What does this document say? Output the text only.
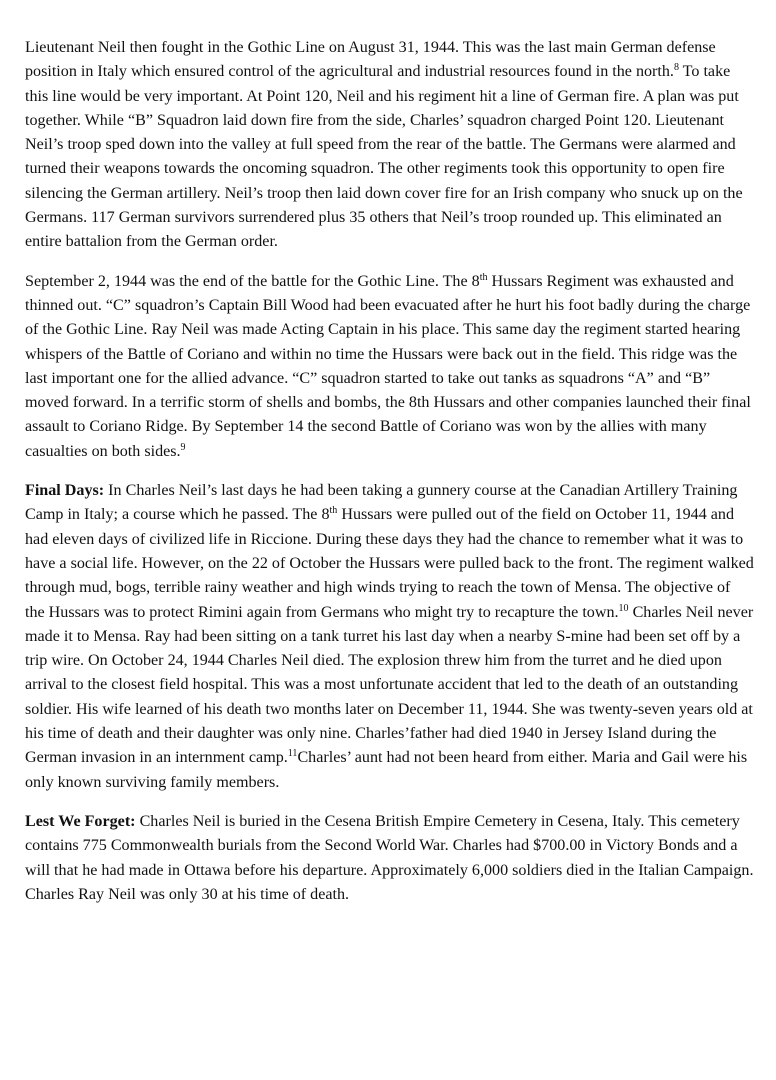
Lieutenant Neil then fought in the Gothic Line on August 31, 1944. This was the last main German defense position in Italy which ensured control of the agricultural and industrial resources found in the north.$^8$ To take this line would be very important. At Point 120, Neil and his regiment hit a line of German fire. A plan was put together. While “B” Squadron laid down fire from the side, Charles’ squadron charged Point 120. Lieutenant Neil’s troop sped down into the valley at full speed from the rear of the battle. The Germans were alarmed and turned their weapons towards the oncoming squadron. The other regiments took this opportunity to open fire silencing the German artillery. Neil’s troop then laid down cover fire for an Irish company who snuck up on the Germans. 117 German survivors surrendered plus 35 others that Neil’s troop rounded up. This eliminated an entire battalion from the German order.
September 2, 1944 was the end of the battle for the Gothic Line. The 8th Hussars Regiment was exhausted and thinned out. “C” squadron’s Captain Bill Wood had been evacuated after he hurt his foot badly during the charge of the Gothic Line. Ray Neil was made Acting Captain in his place. This same day the regiment started hearing whispers of the Battle of Coriano and within no time the Hussars were back out in the field. This ridge was the last important one for the allied advance. “C” squadron started to take out tanks as squadrons “A” and “B” moved forward. In a terrific storm of shells and bombs, the 8th Hussars and other companies launched their final assault to Coriano Ridge. By September 14 the second Battle of Coriano was won by the allies with many casualties on both sides.$^9$
Final Days: In Charles Neil’s last days he had been taking a gunnery course at the Canadian Artillery Training Camp in Italy; a course which he passed. The 8th Hussars were pulled out of the field on October 11, 1944 and had eleven days of civilized life in Riccione. During these days they had the chance to remember what it was to have a social life. However, on the 22 of October the Hussars were pulled back to the front. The regiment walked through mud, bogs, terrible rainy weather and high winds trying to reach the town of Mensa. The objective of the Hussars was to protect Rimini again from Germans who might try to recapture the town.$^{10}$ Charles Neil never made it to Mensa. Ray had been sitting on a tank turret his last day when a nearby S-mine had been set off by a trip wire. On October 24, 1944 Charles Neil died. The explosion threw him from the turret and he died upon arrival to the closest field hospital. This was a most unfortunate accident that led to the death of an outstanding soldier. His wife learned of his death two months later on December 11, 1944. She was twenty-seven years old at his time of death and their daughter was only nine. Charles’father had died 1940 in Jersey Island during the German invasion in an internment camp.$^{11}$Charles’ aunt had not been heard from either. Maria and Gail were his only known surviving family members.
Lest We Forget: Charles Neil is buried in the Cesena British Empire Cemetery in Cesena, Italy. This cemetery contains 775 Commonwealth burials from the Second World War. Charles had $700.00 in Victory Bonds and a will that he had made in Ottawa before his departure. Approximately 6,000 soldiers died in the Italian Campaign. Charles Ray Neil was only 30 at his time of death.
